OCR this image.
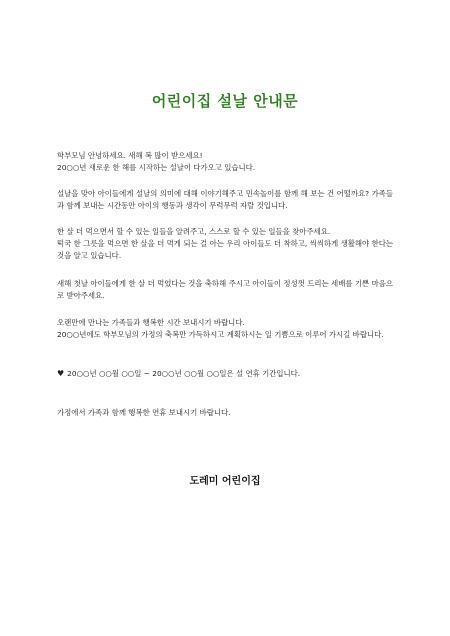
어린이집 설날 안내문

학부모님 안녕하세요. 새해 복 많이 받으세요!

20○○년 새로운 한 해를 시작하는 설날이 다가오고 있습니다.

설날을 맞아 아이들에게 설날의 의미에 대해 이야기해주고 민속놀이를 함께 해 보는 건 어떨까요? 가족들과 함께 보내는 시간동안 아이의 행동과 생각이 무럭무럭 자랄 것입니다.

한 살 더 먹으면서 할 수 있는 일들을 알려주고, 스스로 할 수 있는 일들을 찾아주세요.

떡국 한 그릇을 먹으면 한 살을 더 먹게 되는 걸 아는 우리 아이들도 더 착하고, 씩씩하게 생활해야 한다는 것을 알고 있습니다.

새해 첫날 아이들에게 한 살 더 먹었다는 것을 축하해 주시고 아이들이 정성껏 드리는 세배를 기쁜 마음으로 받아주세요.

오랜만에 만나는 가족들과 행복한 시간 보내시기 바랍니다.

20○○년에도 학부모님의 가정의 축복만 가득하시고 계획하시는 일 기쁨으로 이루어 가시길 바랍니다.

♥ 20○○년 ○○월 ○○일 ~ 20○○년 ○○월 ○○일은 설 연휴 기간입니다.

가정에서 가족과 함께 행복한 연휴 보내시기 바랍니다.

도레미 어린이집
